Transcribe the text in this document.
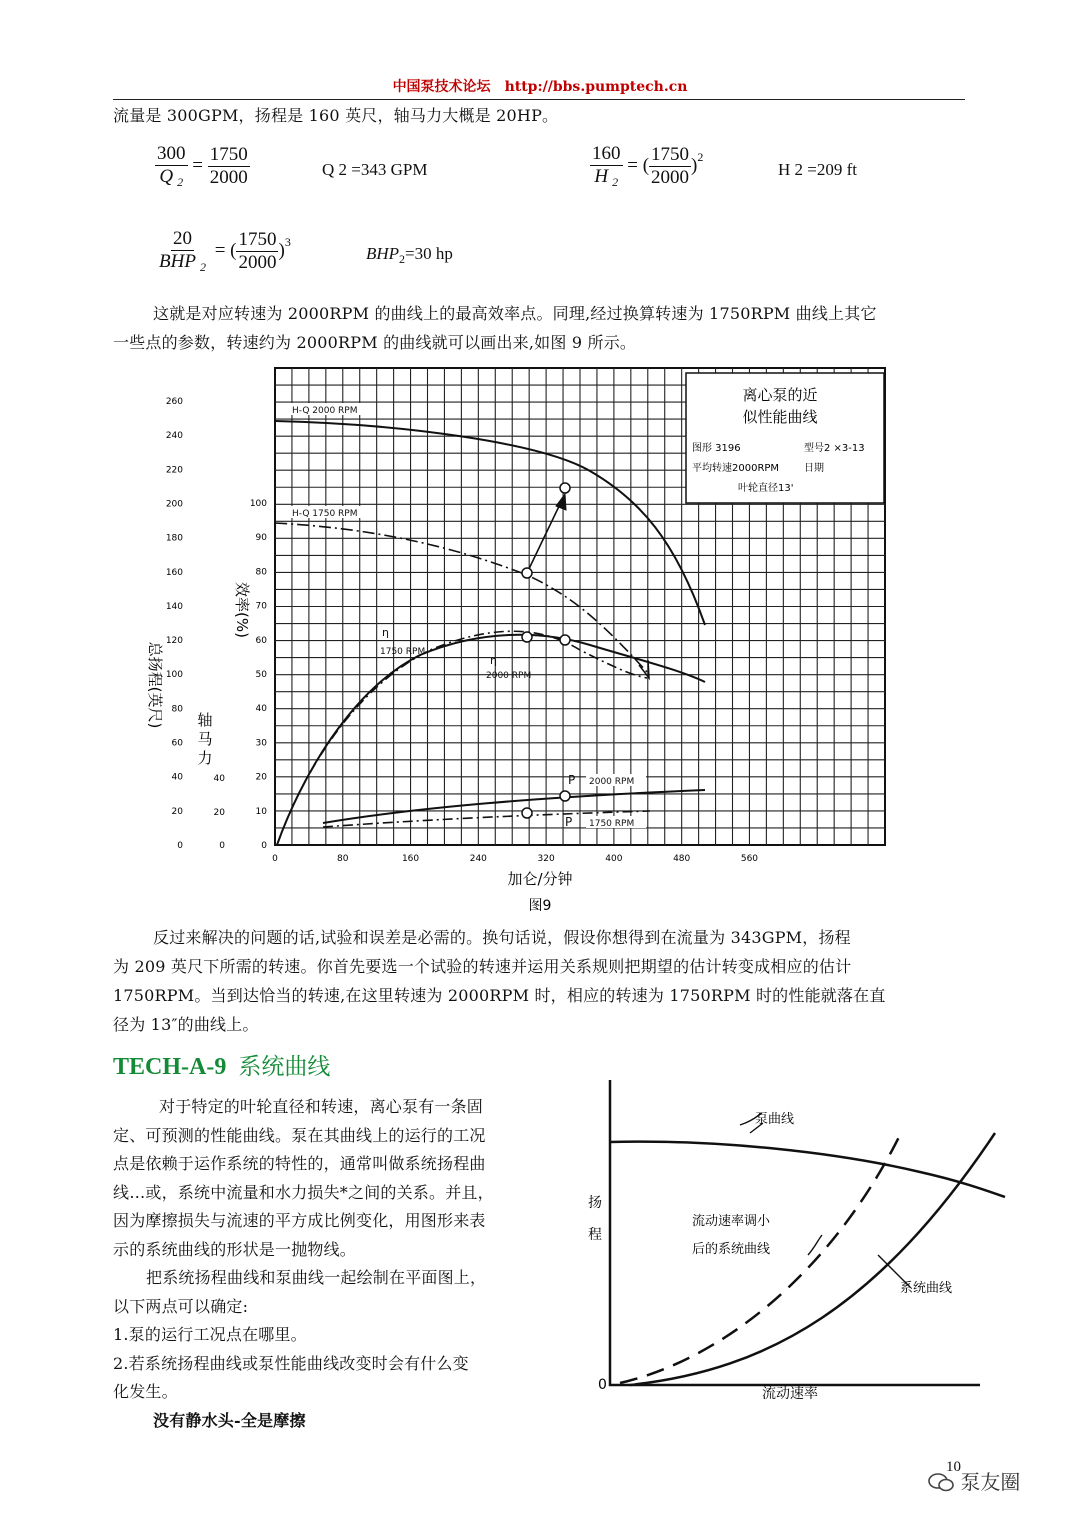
中国泵技术论坛 http://bbs.pumptech.cn
流量是 300GPM，扬程是 160 英尺，轴马力大概是 20HP。
$\frac{300}{Q _2} = \frac{1750}{2000}$	Q 2 =343 GPM	$\frac{160}{H _2}$ = ( $\frac{1750}{2000} )^2$
H 2 =209 ft
$\frac{20}{BHP _2}$ = ( $\frac{1750}{2000} )^3$
$BHP_2=30$ hp
这就是对应转速为 2000RPM 的曲线上的最高效率点。同理,经过换算转速为 1750RPM 曲线上其它
一些点的参数，转速约为 2000RPM 的曲线就可以画出来,如图 9 所示。
离心泵的近
似性能曲线
图形 3196	型号2 ×3-13
平均转速2000RPM 日期
叶轮直径13'
H-Q 2000 RPM
H-Q 1750 RPM
η
1750 RPM
η
2000 RPM
P 2000 RPM
P 1750 RPM
0	80	160	240	320	400	480	560
260
240
220
200
180
160
140
120
100
80
60
40
20
0
100
90
80
70
60
50
40
30
20
10
0
40
20
0
加仑/分钟
图9
总扬程(英尺)
效率(%)
轴
马
力
反过来解决的问题的话,试验和误差是必需的。换句话说，假设你想得到在流量为 343GPM，扬程
为 209 英尺下所需的转速。你首先要选一个试验的转速并运用关系规则把期望的估计转变成相应的估计
1750RPM。当到达恰当的转速,在这里转速为 2000RPM 时，相应的转速为 1750RPM 时的性能就落在直
径为 13″的曲线上。
TECH-A-9 系统曲线
对于特定的叶轮直径和转速，离心泵有一条固
定、可预测的性能曲线。泵在其曲线上的运行的工况
点是依赖于运作系统的特性的，通常叫做系统扬程曲
线…或，系统中流量和水力损失*之间的关系。并且，
因为摩擦损失与流速的平方成比例变化，用图形来表
示的系统曲线的形状是一抛物线。
把系统扬程曲线和泵曲线一起绘制在平面图上，
以下两点可以确定:
1.泵的运行工况点在哪里。
2.若系统扬程曲线或泵性能曲线改变时会有什么变
化发生。
没有静水头-全是摩擦
泵曲线
流动速率调小
后的系统曲线
系统曲线
扬
程
0
流动速率
10
泵友圈
